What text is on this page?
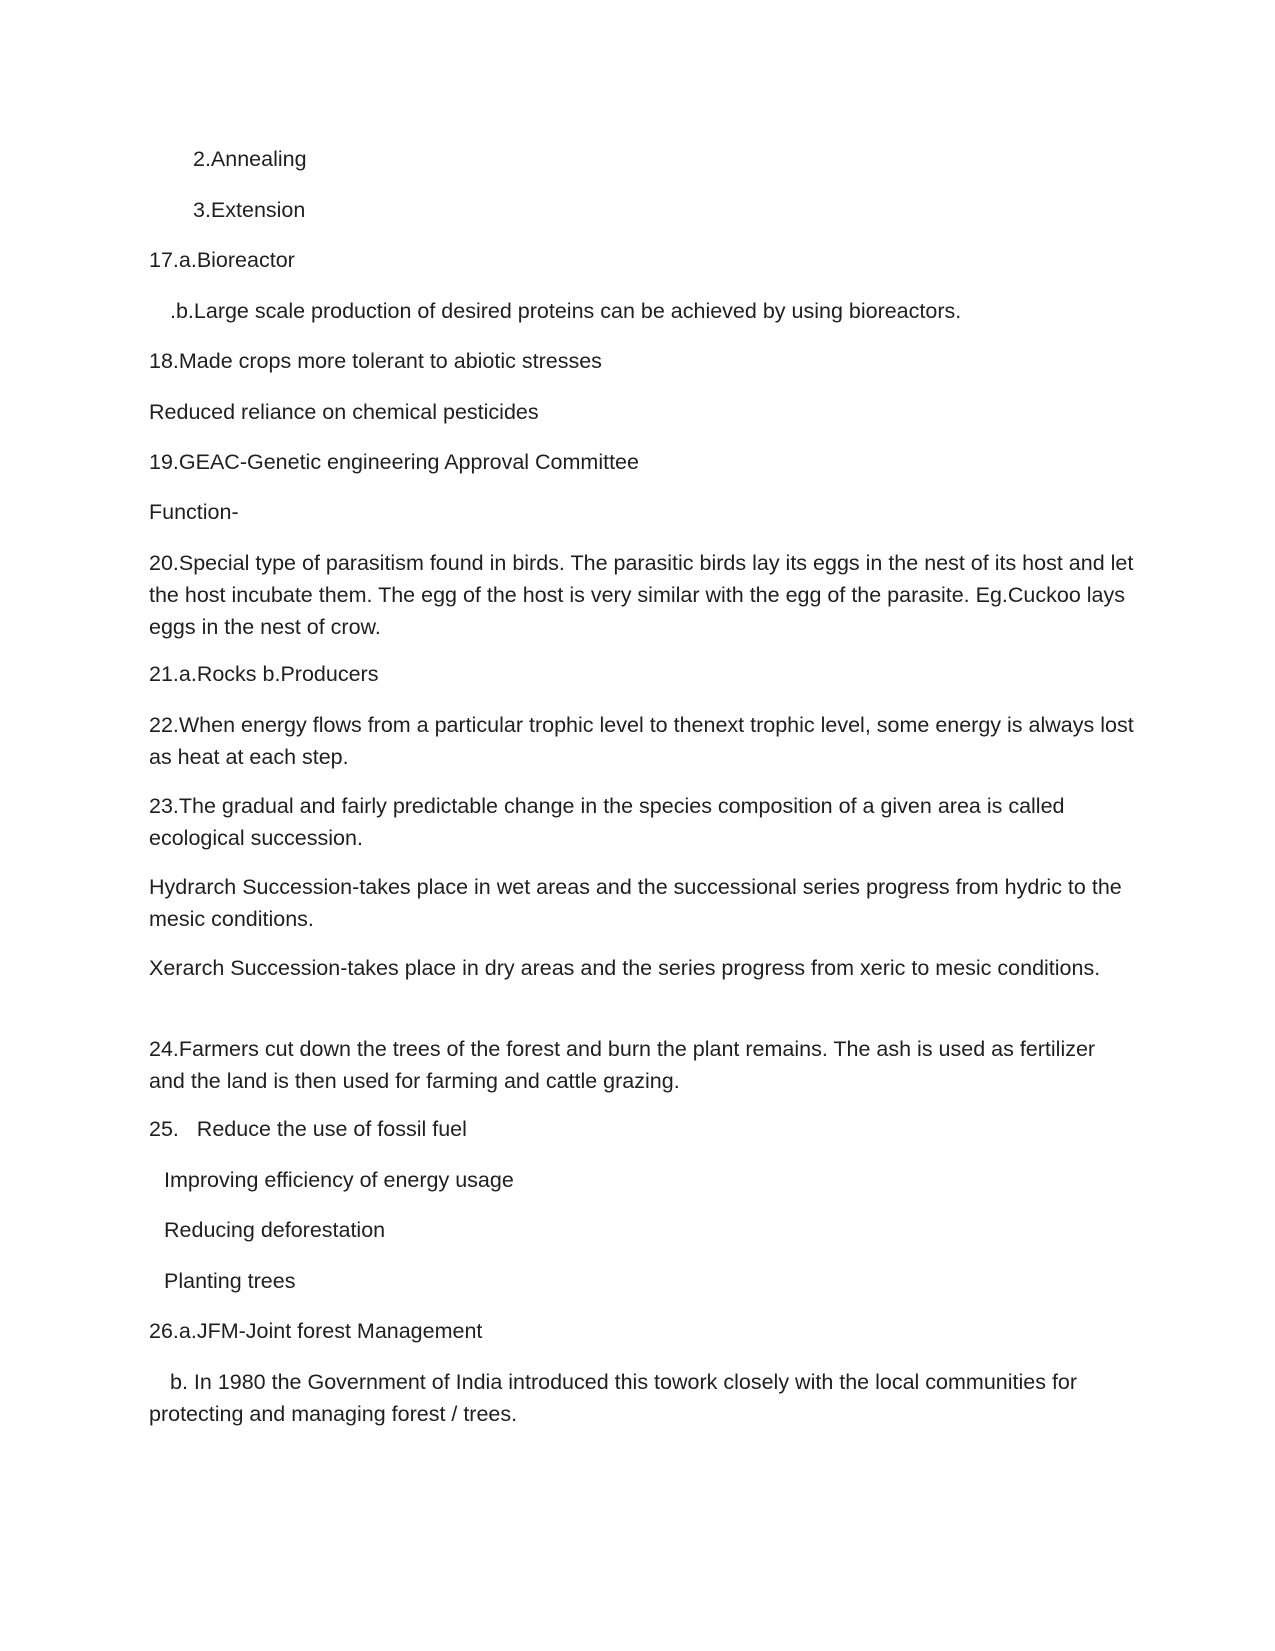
2.Annealing

3.Extension

17.a.Bioreactor

.b.Large scale production of desired proteins can be achieved by using bioreactors.

18.Made crops more tolerant to abiotic stresses

Reduced reliance on chemical pesticides

19.GEAC-Genetic engineering Approval Committee

Function-

20.Special type of parasitism found in birds. The parasitic birds lay its eggs in the nest of its host and let the host incubate them. The egg of the host is very similar with the egg of the parasite. Eg.Cuckoo lays eggs in the nest of crow.

21.a.Rocks b.Producers

22.When energy flows from a particular trophic level to thenext trophic level, some energy is always lost as heat at each step.

23.The gradual and fairly predictable change in the species composition of a given area is called ecological succession.

Hydrarch Succession-takes place in wet areas and the successional series progress from hydric to the mesic conditions.

Xerarch Succession-takes place in dry areas and the series progress from xeric to mesic conditions.

24.Farmers cut down the trees of the forest and burn the plant remains. The ash is used as fertilizer and the land is then used for farming and cattle grazing.

25.   Reduce the use of fossil fuel

Improving efficiency of energy usage

Reducing deforestation

Planting trees

26.a.JFM-Joint forest Management

b. In 1980 the Government of India introduced this towork closely with the local communities for protecting and managing forest / trees.
